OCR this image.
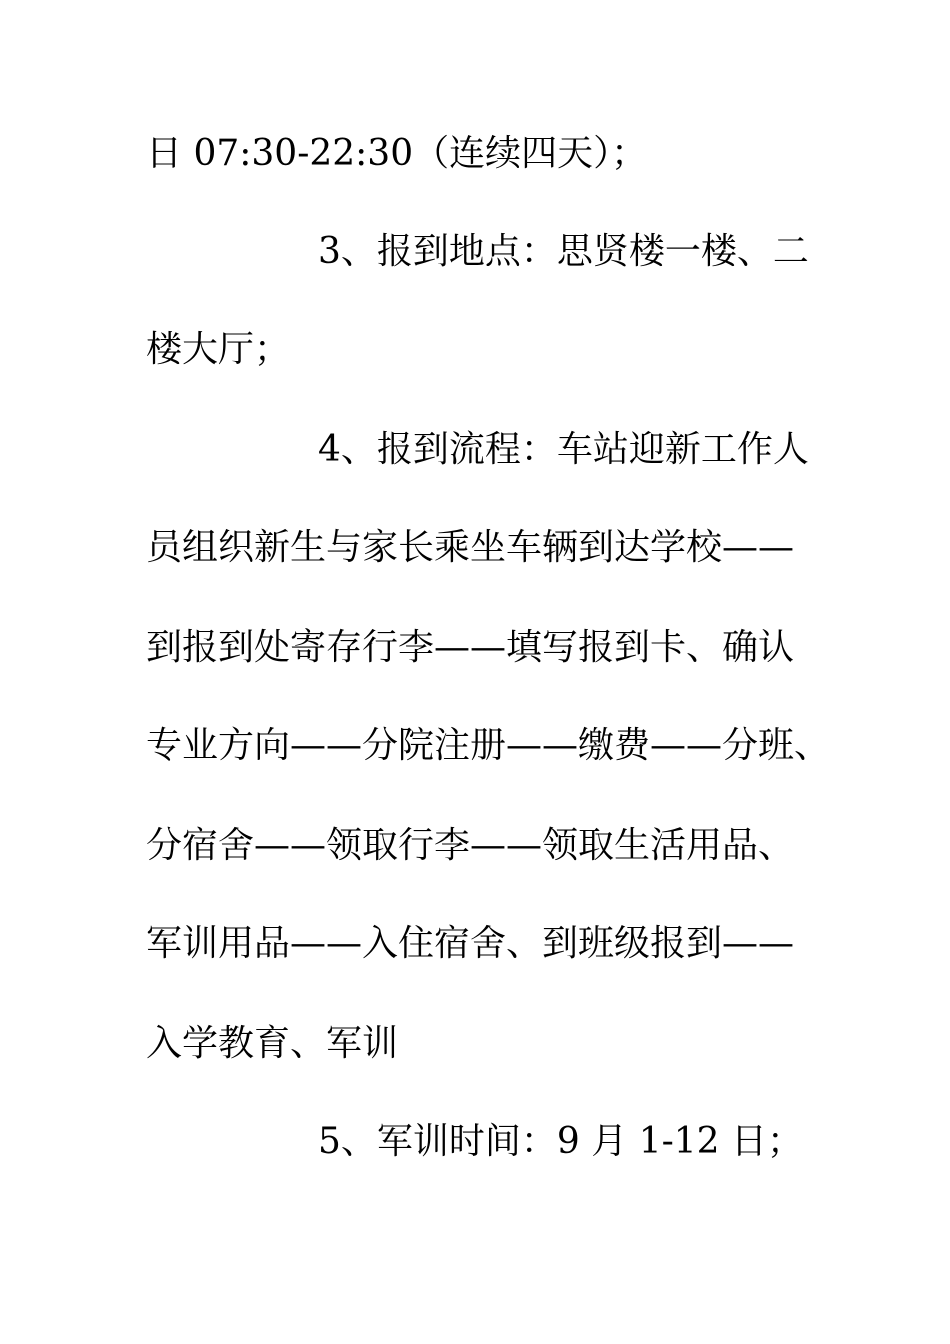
日 07:30-22:30（连续四天）；
3、报到地点：思贤楼一楼、二
楼大厅；
4、报到流程：车站迎新工作人
员组织新生与家长乘坐车辆到达学校——
到报到处寄存行李——填写报到卡、确认
专业方向——分院注册——缴费——分班、
分宿舍——领取行李——领取生活用品、
军训用品——入住宿舍、到班级报到——
入学教育、军训
5、军训时间：9 月 1-12 日；
